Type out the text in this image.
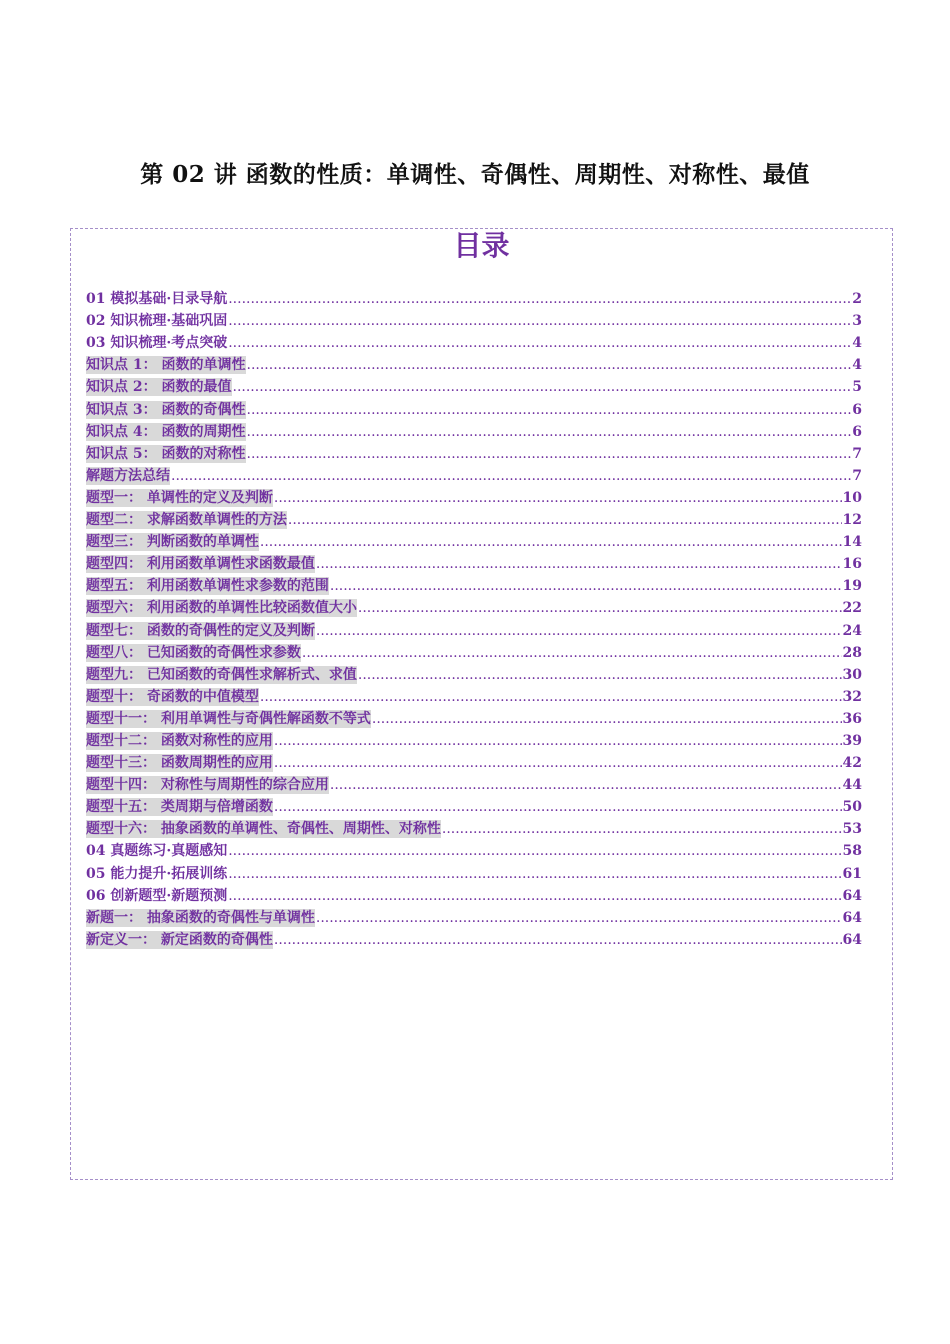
第 02 讲 函数的性质：单调性、奇偶性、周期性、对称性、最值
目录
01 模拟基础·目录导航 .....	2
02 知识梳理·基础巩固 .....	3
03 知识梳理·考点突破 .....	4
知识点 1： 函数的单调性 .....	4
知识点 2： 函数的最值 .....	5
知识点 3： 函数的奇偶性 .....	6
知识点 4： 函数的周期性 .....	6
知识点 5： 函数的对称性 .....	7
解题方法总结 .....	7
题型一： 单调性的定义及判断 .....	10
题型二： 求解函数单调性的方法 .....	12
题型三： 判断函数的单调性 .....	14
题型四： 利用函数单调性求函数最值 .....	16
题型五： 利用函数单调性求参数的范围 .....	19
题型六： 利用函数的单调性比较函数值大小 .....	22
题型七： 函数的奇偶性的定义及判断 .....	24
题型八： 已知函数的奇偶性求参数 .....	28
题型九： 已知函数的奇偶性求解析式、求值 .....	30
题型十： 奇函数的中值模型 .....	32
题型十一： 利用单调性与奇偶性解函数不等式 .....	36
题型十二： 函数对称性的应用 .....	39
题型十三： 函数周期性的应用 .....	42
题型十四： 对称性与周期性的综合应用 .....	44
题型十五： 类周期与倍增函数 .....	50
题型十六： 抽象函数的单调性、奇偶性、周期性、对称性 .....	53
04 真题练习·真题感知 .....	58
05 能力提升·拓展训练 .....	61
06 创新题型·新题预测 .....	64
新题一： 抽象函数的奇偶性与单调性 .....	64
新定义一： 新定函数的奇偶性 .....	64
